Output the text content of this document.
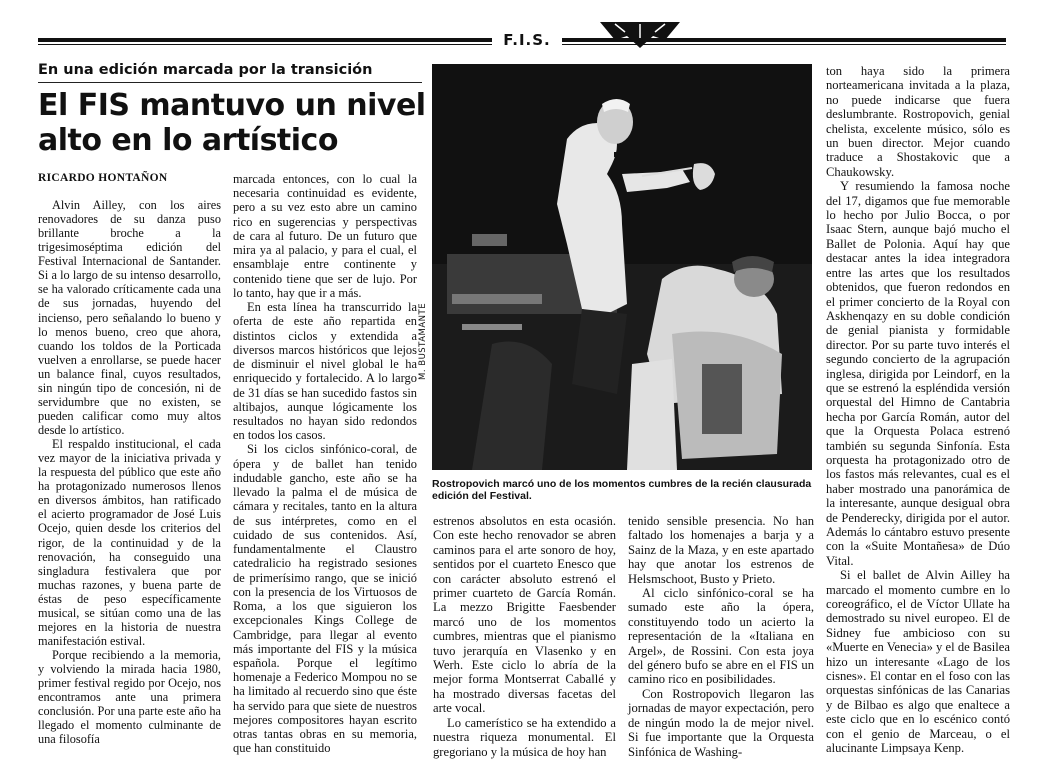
F.I.S.
En una edición marcada por la transición
El FIS mantuvo un nivel alto en lo artístico
RICARDO HONTAÑON

Alvin Ailley, con los aires renovadores de su danza puso brillante broche a la trigesimoséptima edición del Festival Internacional de Santander. Si a lo largo de su intenso desarrollo, se ha valorado críticamente cada una de sus jornadas, huyendo del incienso, pero señalando lo bueno y lo menos bueno, creo que ahora, cuando los toldos de la Porticada vuelven a enrollarse, se puede hacer un balance final, cuyos resultados, sin ningún tipo de concesión, ni de servidumbre que no existen, se pueden calificar como muy altos desde lo artístico.

El respaldo institucional, el cada vez mayor de la iniciativa privada y la respuesta del público que este año ha protagonizado numerosos llenos en diversos ámbitos, han ratificado el acierto programador de José Luis Ocejo, quien desde los criterios del rigor, de la continuidad y de la renovación, ha conseguido una singladura festivalera que por muchas razones, y buena parte de éstas de peso específicamente musical, se sitúan como una de las mejores en la historia de nuestra manifestación estival.

Porque recibiendo a la memoria, y volviendo la mirada hacia 1980, primer festival regido por Ocejo, nos encontramos ante una primera conclusión. Por una parte este año ha llegado el momento culminante de una filosofía

marcada entonces, con lo cual la necesaria continuidad es evidente, pero a su vez esto abre un camino rico en sugerencias y perspectivas de cara al futuro. De un futuro que mira ya al palacio, y para el cual, el ensamblaje entre continente y contenido tiene que ser de lujo. Por lo tanto, hay que ir a más.

En esta línea ha transcurrido la oferta de este año repartida en distintos ciclos y extendida a diversos marcos históricos que lejos de disminuir el nivel global le ha enriquecido y fortalecido. A lo largo de 31 días se han sucedido fastos sin altibajos, aunque lógicamente los resultados no hayan sido redondos en todos los casos.

Si los ciclos sinfónico-coral, de ópera y de ballet han tenido indudable gancho, este año se ha llevado la palma el de música de cámara y recitales, tanto en la altura de sus intérpretes, como en el cuidado de sus contenidos. Así, fundamentalmente el Claustro catedralicio ha registrado sesiones de primerísimo rango, que se inició con la presencia de los Virtuosos de Roma, a los que siguieron los excepcionales Kings College de Cambridge, para llegar al evento más importante del FIS y la música española. Porque el legítimo homenaje a Federico Mompou no se ha limitado al recuerdo sino que éste ha servido para que siete de nuestros mejores compositores hayan escrito otras tantas obras en su memoria, que han constituido

M. BUSTAMANTE
Rostropovich marcó uno de los momentos cumbres de la recién clausurada edición del Festival.

estrenos absolutos en esta ocasión. Con este hecho renovador se abren caminos para el arte sonoro de hoy, sentidos por el cuarteto Enesco que con carácter absoluto estrenó el primer cuarteto de García Román. La mezzo Brigitte Faesbender marcó uno de los momentos cumbres, mientras que el pianismo tuvo jerarquía en Vlasenko y en Werh. Este ciclo lo abría de la mejor forma Montserrat Caballé y ha mostrado diversas facetas del arte vocal.

Lo camerístico se ha extendido a nuestra riqueza monumental. El gregoriano y la música de hoy han

tenido sensible presencia. No han faltado los homenajes a barja y a Sainz de la Maza, y en este apartado hay que anotar los estrenos de Helsmschoot, Busto y Prieto.

Al ciclo sinfónico-coral se ha sumado este año la ópera, constituyendo todo un acierto la representación de la «Italiana en Argel», de Rossini. Con esta joya del género bufo se abre en el FIS un camino rico en posibilidades.

Con Rostropovich llegaron las jornadas de mayor expectación, pero de ningún modo la de mejor nivel. Si fue importante que la Orquesta Sinfónica de Washing-

ton haya sido la primera norteamericana invitada a la plaza, no puede indicarse que fuera deslumbrante. Rostropovich, genial chelista, excelente músico, sólo es un buen director. Mejor cuando traduce a Shostakovic que a Chaukowsky.

Y resumiendo la famosa noche del 17, digamos que fue memorable lo hecho por Julio Bocca, o por Isaac Stern, aunque bajó mucho el Ballet de Polonia. Aquí hay que destacar antes la idea integradora entre las artes que los resultados obtenidos, que fueron redondos en el primer concierto de la Royal con Askhenqazy en su doble condición de genial pianista y formidable director. Por su parte tuvo interés el segundo concierto de la agrupación inglesa, dirigida por Leindorf, en la que se estrenó la espléndida versión orquestal del Himno de Cantabria hecha por García Román, autor del que la Orquesta Polaca estrenó también su segunda Sinfonía. Esta orquesta ha protagonizado otro de los fastos más relevantes, cual es el haber mostrado una panorámica de la interesante, aunque desigual obra de Penderecky, dirigida por el autor. Además lo cántabro estuvo presente con la «Suite Montañesa» de Dúo Vital.

Si el ballet de Alvin Ailley ha marcado el momento cumbre en lo coreográfico, el de Víctor Ullate ha demostrado su nivel europeo. El de Sidney fue ambicioso con su «Muerte en Venecia» y el de Basilea hizo un interesante «Lago de los cisnes». El contar en el foso con las orquestas sinfónicas de las Canarias y de Bilbao es algo que enaltece a este ciclo que en lo escénico contó con el genio de Marceau, o el alucinante Limpsaya Kenp.
